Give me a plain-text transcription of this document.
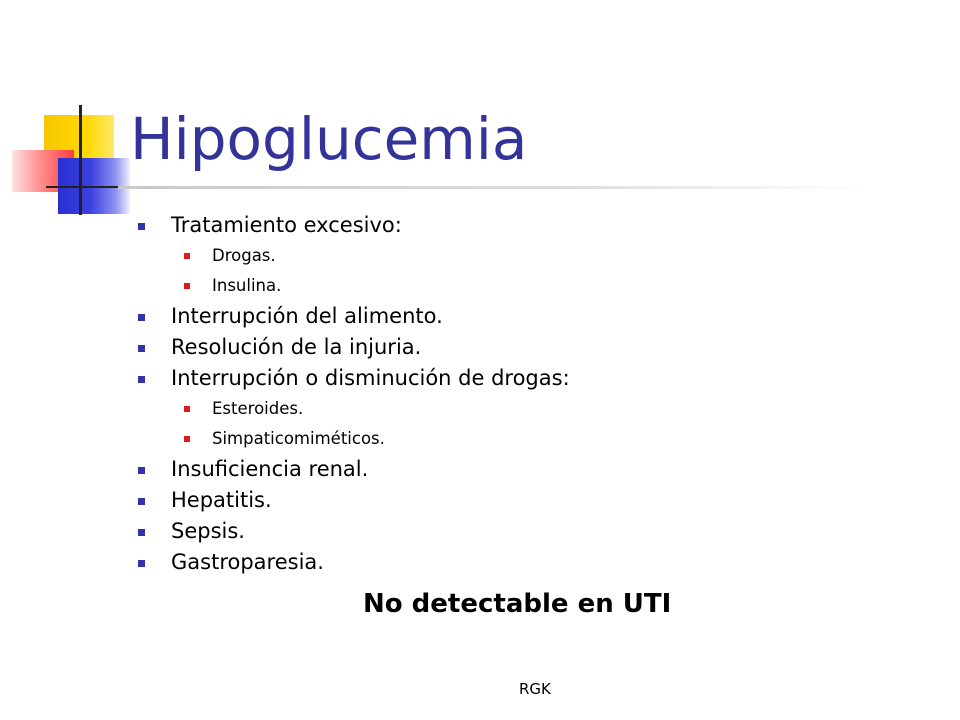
Hipoglucemia
Tratamiento excesivo:
Drogas.
Insulina.
Interrupción del alimento.
Resolución de la injuria.
Interrupción o disminución de drogas:
Esteroides.
Simpaticomiméticos.
Insuficiencia renal.
Hepatitis.
Sepsis.
Gastroparesia.
No detectable en UTI
RGK
